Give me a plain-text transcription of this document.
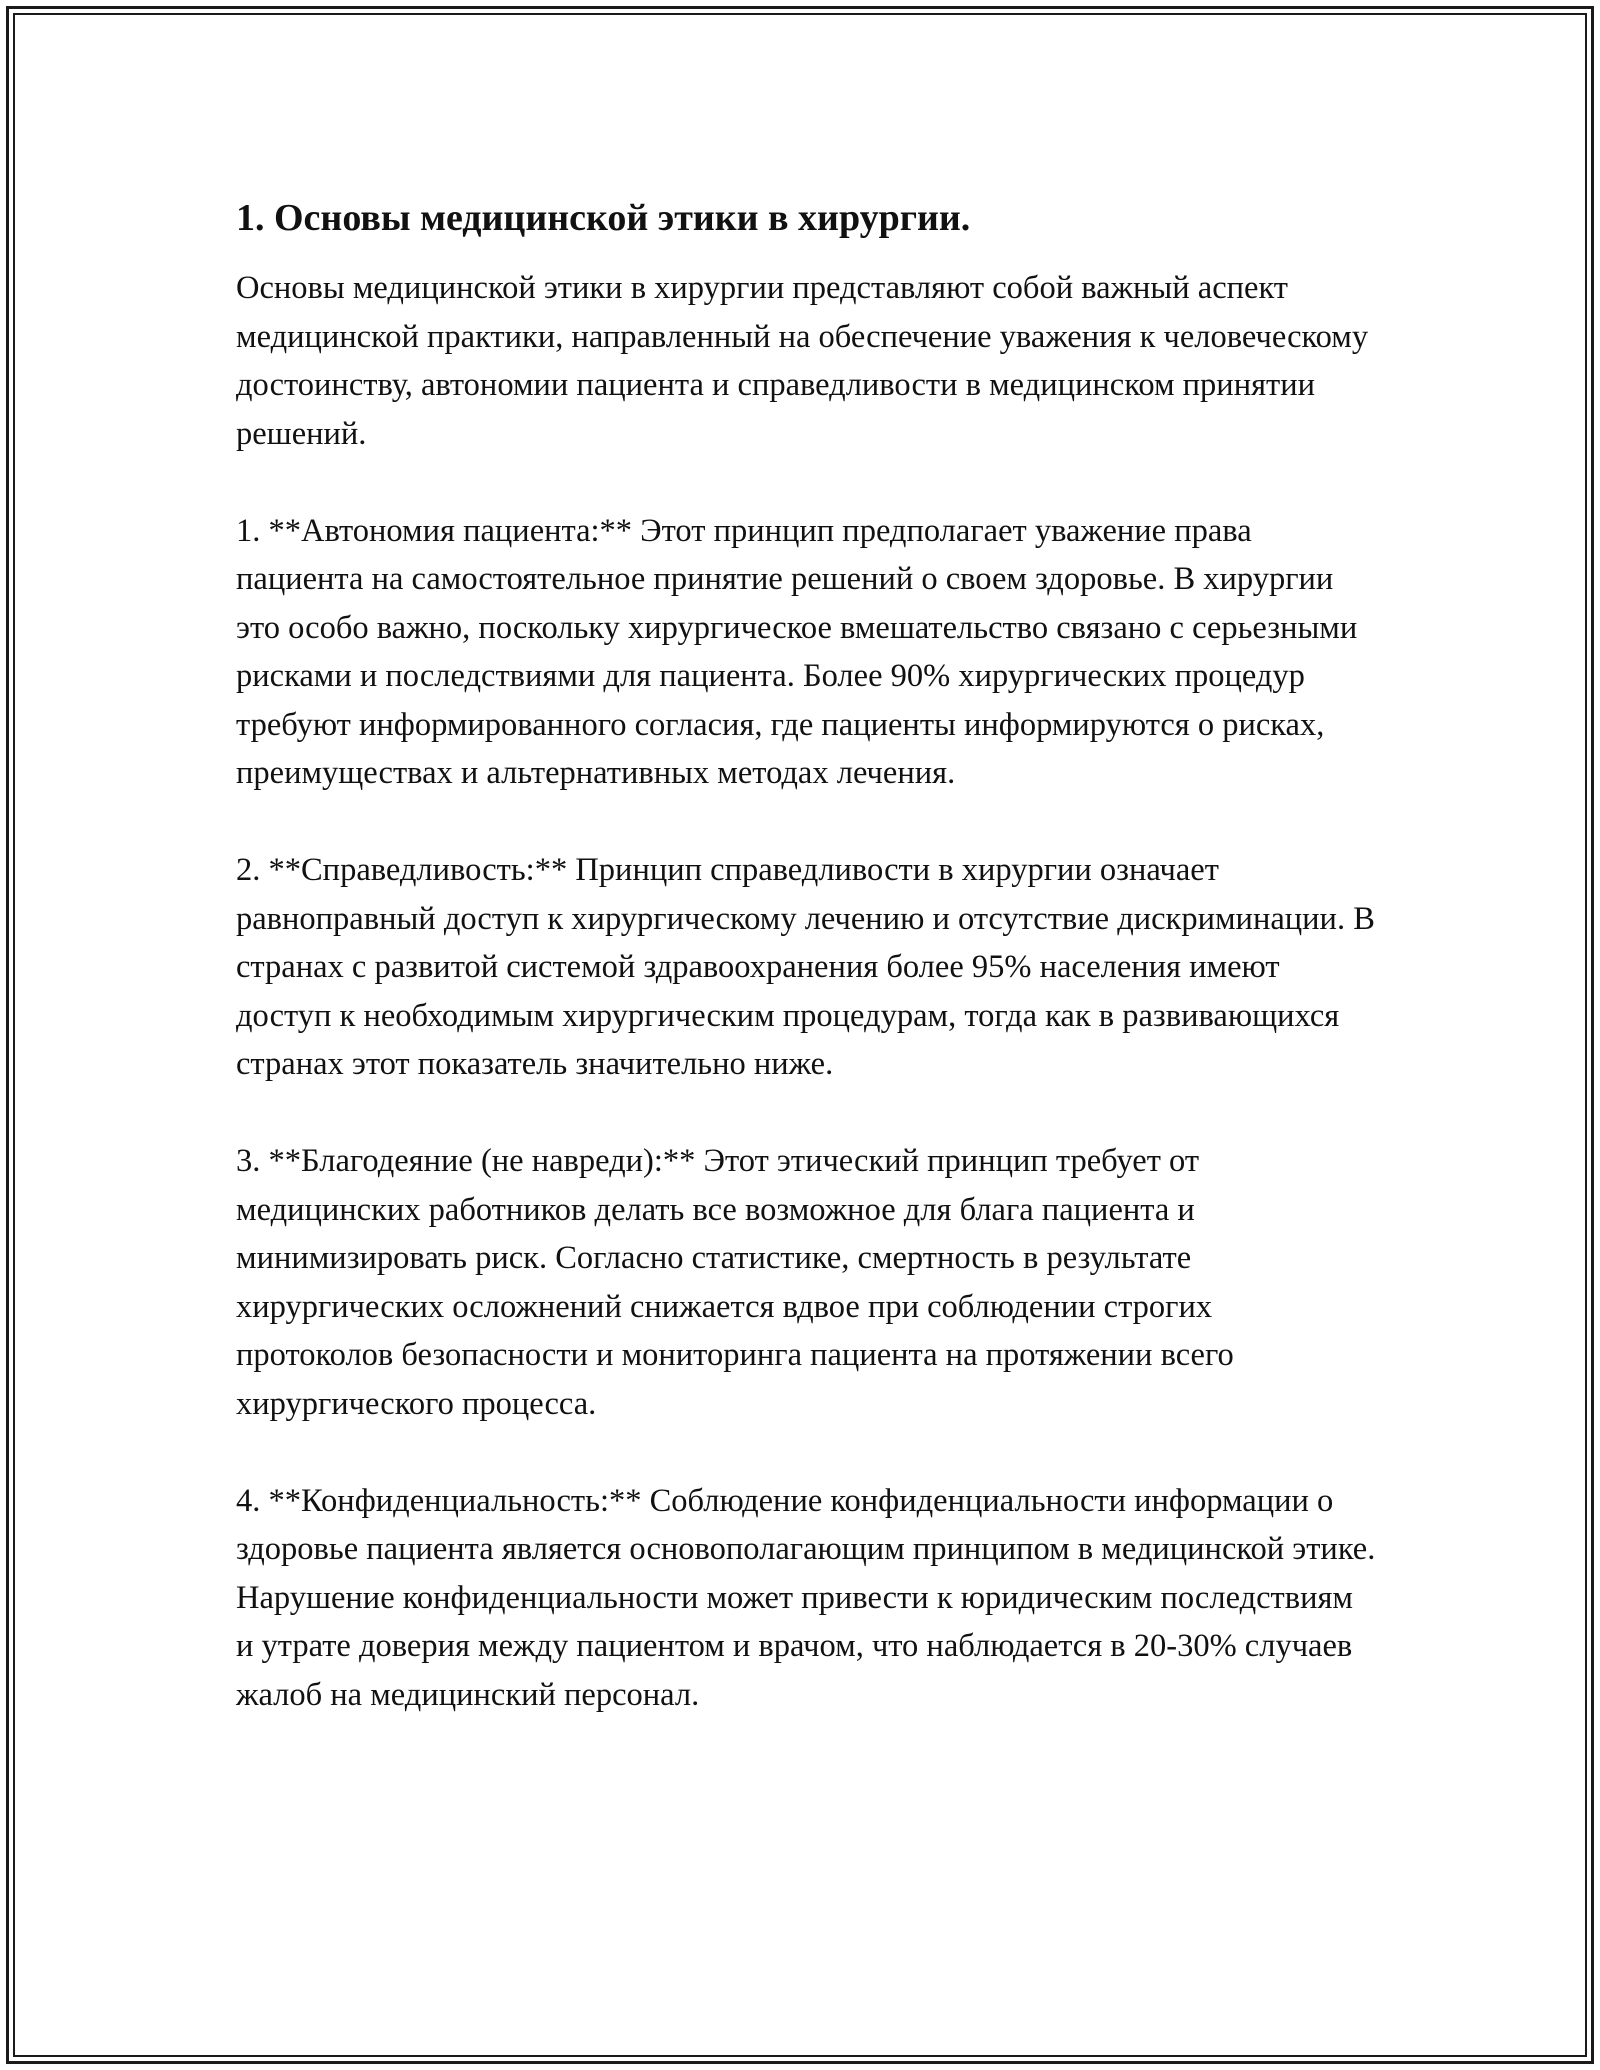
1. Основы медицинской этики в хирургии.

Основы медицинской этики в хирургии представляют собой важный аспект медицинской практики, направленный на обеспечение уважения к человеческому достоинству, автономии пациента и справедливости в медицинском принятии решений.

1. **Автономия пациента:** Этот принцип предполагает уважение права пациента на самостоятельное принятие решений о своем здоровье. В хирургии это особо важно, поскольку хирургическое вмешательство связано с серьезными рисками и последствиями для пациента. Более 90% хирургических процедур требуют информированного согласия, где пациенты информируются о рисках, преимуществах и альтернативных методах лечения.

2. **Справедливость:** Принцип справедливости в хирургии означает равноправный доступ к хирургическому лечению и отсутствие дискриминации. В странах с развитой системой здравоохранения более 95% населения имеют доступ к необходимым хирургическим процедурам, тогда как в развивающихся странах этот показатель значительно ниже.

3. **Благодеяние (не навреди):** Этот этический принцип требует от медицинских работников делать все возможное для блага пациента и минимизировать риск. Согласно статистике, смертность в результате хирургических осложнений снижается вдвое при соблюдении строгих протоколов безопасности и мониторинга пациента на протяжении всего хирургического процесса.

4. **Конфиденциальность:** Соблюдение конфиденциальности информации о здоровье пациента является основополагающим принципом в медицинской этике. Нарушение конфиденциальности может привести к юридическим последствиям и утрате доверия между пациентом и врачом, что наблюдается в 20-30% случаев жалоб на медицинский персонал.
